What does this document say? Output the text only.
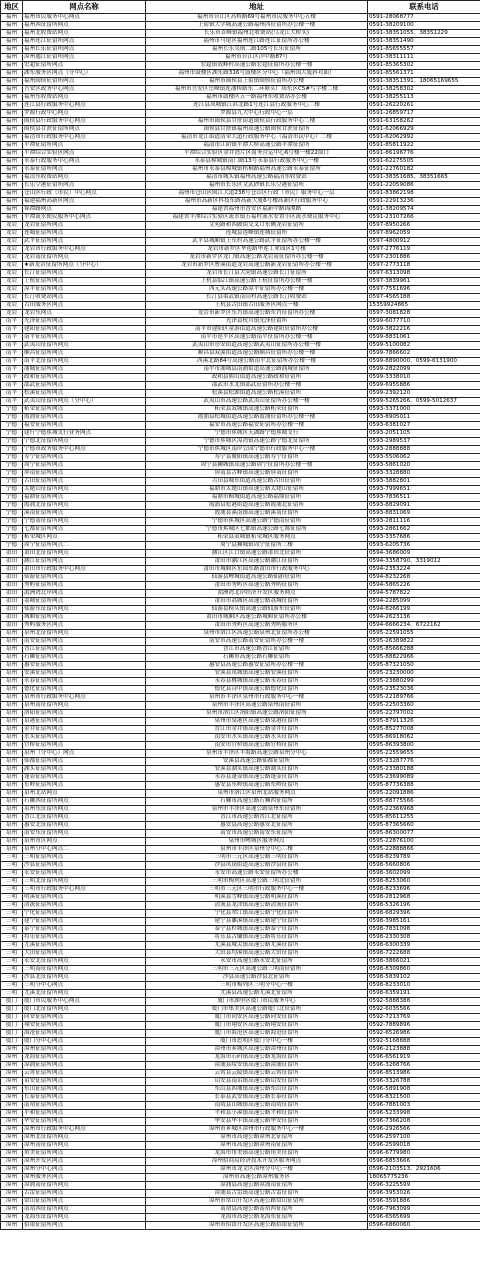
地区	网点名称	地址	联系电话
福州	福州市民服务中心网点	福州市台江区高桥路69号福州市民服务中心五楼	0591-28068777
福州	福州西征留所网点	上街镇大学城高速公路福州西征留所办公楼一楼	0591-38209100
福州	福州北收费站网点	长乐市首峰镇福州北收费站(乌龙江大桥头)	0591-38351055、38351229
福州	福州连江征留所网点	福州市马尾区福州连江路连江征留所办公楼	0591-38351490
福州	福州长乐征留所网点	福州长乐吴航二路105号长乐征留所	0591-85655557
福州	漳州通江征留所网点	福州市台江区洋中路87号	0591-38311111
福州	宏超征留所网点	宏超镇敖峰村高速公路宏超征留所办公楼一楼	0591-85365302
福州	湖东服务区网点（分中心）	福州市鼓楼区湖东路316号鼓楼区分中心（福州国大厦斜对面）	0591-85561371
福州	福州闽侯征留所网点	福州市闽侯县上街镇闽侯征留所办公楼	0591-38351391、18065169655
福州	吾安区政务中心网点	福州市吾安区岳峰镇连潘桥路东二环塘头广场东区C5#写字楼二楼	0591-38258302
福州	福州东收费站网点	福州市鼓楼区五一路福州东收费站办公楼	0591-38255113
福州	连江县行政服务中心网点	连江县凤城镇江滨北路1号连江县行政服务中心二楼	0591-26220261
福州	罗源行政中心网点	罗源县九大中心行政中心一层	0591-26859717
福州	闽侯县行政服务中心网点	福州市闽侯县甘蔗街道闽侯县行政服务中心二楼	0591-63158262
福州	闽侯县甘蔗征留所网点	闽侯县甘蔗镇福州高速公路闽侯甘蔗征留所	0591-62066929
福州	福清市行政服务中心网点	福清市龙江街道清荣大道行政服务中心（福清市民中心）二楼	0591-62062992
福州	平潭征留所网点	福清市江阴镇平潭大桥高速公路平潭征留所	0591-85811922
福州	平潭综合实验区网点	平潭综合实验区金井湾片区商务营运中心6号楼一楼22窗口	0591-86196776
福州	永泰行政服务中心网点	永泰县樟城镇南门路13号永泰县行政服务中心一楼	0591-62275505
福州	永泰征留所网点	福州市永泰县樟城镇梧桐路福州高速公路永泰征留所	0591-22760182
福州	福清东收费站网点	福清市城头镇福州高速公路福清东收费站	0591-38351685、38351665
福州	长乐空港征留所网点	福州市长乐区文武砂镇长乐空港征留所	0591-22059086
福州	仓山区行政（市民）中心网点	福州市仓山区闽江大道238号仓山区行政（市民）服务中心一层	0591-83862198
福州	福建福州高新区网点	福州市高新区科技东路高新大厦6号楼高新区行政服务中心	0591-22913236
福州	锦潭路网点	福建省福州市晋安区福新中路锦潭路	0591-38209574
福州	平潭流水便民服务中心网点	福建省平潭综合实验区流水镇五福村流水安置小区流水便民服务中心	0591-23107266
龙岩	龙岩征留所网点	文苑路和西陂街交叉口东侧龙岩征留所	0597-8950266
龙岩	连城征留所网点	连城县莲峰镇连城征留所	0597-8962059
龙岩	武平征留所网点	武平县城厢镇上东村高速公路武平征留所办公楼一楼	0597-4800912
龙岩	龙岩市行政服务中心网点	龙岩市新罗区华莲路华莲工业园区1号楼	0597-2776119
龙岩	龙岩南征留所网点	龙岩市新罗区龙门镇高速公路龙岩南征留所办公楼一楼	0597-2301886
龙岩	★新龙岩征留所网点（分中心）	龙岩市新罗区曹溪街道龙岩高速公路新龙岩征留所办公楼一楼	0597-2773118
龙岩	长汀征留所网点	龙岩市长汀县大同镇高速公路长汀征留所	0597-6313098
龙岩	上杭征留所网点	上杭县临江镇高速公路上杭征留所办公楼一楼	0597-3839961
龙岩	漳平征留所网点	西元头高速公路漳平征留所办公楼一楼	0597-7551696
龙岩	长汀收费站网点	长汀县策武镇南山村高速公路长汀收费站	0597-4565188
龙岩	古田服务区网点	上杭县古田镇古田服务区网点一楼	15359924865
龙岩	龙岩东网点	龙岩市新罗区东肖镇高速公路东肖征留所办公楼	0597-3081828
南平	光泽征留所网点	光泽县杭川镇光泽征留所	0599-6077710
南平	建阳征留所网点	南平市建阳区童游街道高速公路建阳征留所办公楼	0599-3822216
南平	南平征留所网点	南平市延平区高速公路南平征留所办公楼一楼	0599-8831061
南平	武夷山征留所网点	武夷山市崇安街道高速公路武夷山征留所办公楼一楼	0599-5100082
南平	顺昌征留所网点	顺昌县双溪街道高速公路顺昌征留所办公楼一楼	0599-7866602
南平	南平北征留所网点	西溪北路84号高速公路南平北征留所办公楼一楼	0599-8890000、0599-6131900
南平	浦城征留所网点	南平市浦城县南浦街道高速公路浦城征留所	0599-2822099
南平	政和征留所网点	政和县熊山街道高速公路政和征留所	0599-3338010
南平	邵武征留所网点	邵武市水北镇邵武征留所办公楼一楼	0599-6955886
南平	松溪征留所网点	松溪县松源街道高速公路松溪征留所	0599-2392120
南平	武夷山征留所网点（分中心）	武夷山市高速公路武夷山征留所办公楼一楼	0599-5265266、0599-5012637
宁德	柘荣征留所网点	柘荣县双城镇高速公路柘荣征留所	0593-3371000
宁德	霞浦征留所网点	霞浦县松城街道高速公路霞浦征留所办公楼一楼	0593-8905011
宁德	福安征留所网点	福安市高速公路福安征留所办公楼一楼	0593-6381027
宁德	建行宁德蕉城支行业务网点	宁德市蕉城区天湖路宁德蕉城支行	0593-2051105
宁德	宁德北征留所网点	宁德市蕉城区漳湾镇高速公路宁德北征留所	0593-2989537
宁德	宁德市政务服务中心网点	宁德市蕉城区南岸公园宁德市行政服务中心一楼	0593-2888888
宁德	寿宁征留所网点	寿宁县鳌阳镇高速公路寿宁征留所	0593-5506062
宁德	周宁征留所网点	周宁县狮城镇高速公路周宁征留所办公楼一楼	0593-5861020
宁德	屏南征留所网点	屏南县古峰镇高速公路屏南征留所	0593-3328880
宁德	古田征留所网点	古田县城东街道高速公路古田征留所	0593-3882801
宁德	太姥山征留所网点	福鼎市太姥山镇高速公路太姥山征留所	0593-7999651
宁德	福鼎征留所网点	福鼎市桐城街道高速公路福鼎征留所	0593-7836511
宁德	霞浦北征留所网点	霞浦县松港街道高速公路霞浦北征留所	0593-8829091
宁德	溪南征留所网点	霞浦县溪南镇高速公路溪南征留所	0593-8831069
宁德	宁德南征留所网点	宁德市蕉城区高速公路宁德南征留所	0593-2811116
宁德	七都征留所网点	宁德市蕉城区七都镇高速公路七都征留所	0593-2861662
宁德	柘荣城区网点	柘荣县双城镇柘荣城区服务网点	0593-3357686
宁德	周宁征留所网点二	周宁县狮城镇周宁征留所二楼	0593-6205736
莆田	莆田北征留所网点	涵江区江口镇高速公路莆田北征留所	0594-3686009
莆田	涵江征留所网点	莆田市涵江区高速公路涵江征留所	0594-3358790、3319012
莆田	莆田市行政服务中心网点	莆田市城厢区东园东路莆田市行政服务中心	0594-2353224
莆田	仙游征留所网点	仙游县鲤城街道高速公路仙游征留所	0594-8232268
莆田	秀屿征留所网点	莆田市秀屿区高速公路秀屿征留所	0594-5865226
莆田	湄洲湾北岸网点	湄洲湾北岸经济开发区服务网点	0594-5787822
莆田	荔城征留所网点	莆田市荔城区高速公路荔城征留所	0594-2285099
莆田	仙游东征留所网点	仙游县榜头镇高速公路仙游东征留所	0594-8266199
莆田	城厢征留所网点	莆田市城厢区高速公路城厢征留所办公楼	0594-2623136
莆田	秀屿服务区网点	莆田市秀屿区高速公路秀屿服务区	0594-6666234、6722162
泉州	泉州北征留所网点	泉州市洛江区高速公路泉州北征留所办公楼	0595-22591055
泉州	南安征留所网点	南安市高速公路南安征留所办公楼一楼	0595-26389822
泉州	晋江征留所网点	晋江市高速公路晋江征留所	0595-85666288
泉州	石狮征留所网点	石狮市高速公路石狮征留所	0595-88822966
泉州	惠安征留所网点	惠安县高速公路惠安征留所办公楼一楼	0595-87321050
泉州	安溪征留所网点	安溪县凤城镇高速公路安溪征留所	0595-23230000
泉州	永春征留所网点	永春县桃城镇高速公路永春征留所	0595-23880299
泉州	德化征留所网点	德化县浔中镇高速公路德化征留所	0595-23523036
泉州	泉州市行政服务中心网点	泉州市丰泽区泉州市行政服务中心一楼	0595-22189766
泉州	泉州南征留所网点	泉州市丰泽区高速公路泉州南征留所	0595-22503360
泉州	洛阳征留所网点	泉州市洛江区洛阳镇高速公路洛阳征留所	0595-22797002
泉州	泉港征留所网点	泉州市泉港区高速公路泉港征留所	0595-87911326
泉州	金井征留所网点	晋江市金井镇高速公路金井征留所	0595-85277008
泉州	水头征留所网点	南安市水头镇高速公路水头征留所	0595-86918062
泉州	官桥征留所网点	南安市官桥镇高速公路官桥征留所	0595-86393800
泉州	泉州（分中心）网点	泉州市丰泽区丰海路高速公路泉州分中心	0595-22559655
泉州	仙都征留所网点	安溪县高速公路仙都征留所	0595-23287776
泉州	湖头征留所网点	安溪县湖头镇高速公路湖头征留所	0595-23380188
泉州	蓬壶征留所网点	永春县蓬壶镇高速公路蓬壶征留所	0595-23699089
泉州	东岭征留所网点	惠安县东岭镇高速公路东岭征留所	0595-87736388
泉州	泉州北站网点	泉州市洛江区泉州北站服务网点	0595-22091886
泉州	石狮西征留所网点	石狮市高速公路石狮西征留所	0595-88775566
泉州	泉州东征留所网点	泉州市丰泽区高速公路泉州东征留所	0595-22366968
泉州	晋江北征留所网点	晋江市高速公路晋江北征留所	0595-85611255
泉州	惠安北征留所网点	惠安县高速公路惠安北征留所	0595-87365660
泉州	南安东征留所网点	南安市高速公路南安东征留所	0595-86300077
泉州	泉州市区网点	泉州市鲤城区服务网点	0595-22876100
泉州	泉州分中心网点二	泉州市丰泽区泉州分中心二楼	0595-22888866
三明	三明征留所网点	三明市三元区高速公路三明征留所	0598-8239789
三明	沙县征留所网点	沙县凤岗街道高速公路沙县征留所	0598-5660806
三明	永安征留所网点	永安市高速公路永安征留所办公楼	0598-3602099
三明	三明北征留所网点	三明市梅列区高速公路三明北征留所	0598-8253060
三明	三明市行政服务中心网点	三明市三元区三明市行政服务中心一楼	0598-8233696
三明	明溪征留所网点	明溪县雪峰镇高速公路明溪征留所	0598-2812968
三明	清流征留所网点	清流县龙津镇高速公路清流征留所	0598-5326196
三明	宁化征留所网点	宁化县翠江镇高速公路宁化征留所	0598-6829396
三明	建宁征留所网点	建宁县濉溪镇高速公路建宁征留所	0598-3985161
三明	泰宁征留所网点	泰宁县杉城镇高速公路泰宁征留所	0598-7831098
三明	将乐征留所网点	将乐县古镛镇高速公路将乐征留所	0598-2330308
三明	尤溪征留所网点	尤溪县城关镇高速公路尤溪征留所	0598-6300339
三明	大田征留所网点	大田县均溪镇高速公路大田征留所	0598-7222688
三明	永安北征留所网点	永安市高速公路永安北征留所	0598-3866021
三明	三明南征留所网点	三明市三元区高速公路三明南征留所	0598-8309860
三明	沙县北征留所网点	沙县高速公路沙县北征留所	0598-5839102
三明	三明分中心网点	三明市梅列区三明分中心一楼	0598-8233010
三明	尤溪北征留所网点	尤溪县高速公路尤溪北征留所	0598-6359191
厦门	厦门市民服务中心网点	厦门市湖里区厦门市民服务中心	0592-5888388
厦门	厦门北征留所网点	厦门市集美区高速公路厦门北征留所	0592-6035566
厦门	同安征留所网点	厦门市同安区高速公路同安征留所	0592-7213769
厦门	翔安征留所网点	厦门市翔安区高速公路翔安征留所	0592-7889896
厦门	海沧征留所网点	厦门市海沧区高速公路海沧征留所	0592-6526986
厦门	厦门分中心网点	厦门市思明区厦门分中心一楼	0592-5168888
漳州	漳州征留所网点	漳州市芗城区高速公路漳州征留所	0596-2123888
漳州	龙海征留所网点	龙海市石码镇高速公路龙海征留所	0596-6561919
漳州	漳浦征留所网点	漳浦县绥安镇高速公路漳浦征留所	0596-3268766
漳州	云霄征留所网点	云霄县云陵镇高速公路云霄征留所	0596-8513986
漳州	诏安征留所网点	诏安县南诏镇高速公路诏安征留所	0596-3326788
漳州	东山征留所网点	东山县西埔镇高速公路东山征留所	0596-5891908
漳州	长泰征留所网点	长泰县武安镇高速公路长泰征留所	0596-8321500
漳州	南靖征留所网点	南靖县山城镇高速公路南靖征留所	0596-7881003
漳州	平和征留所网点	平和县小溪镇高速公路平和征留所	0596-5233998
漳州	华安征留所网点	华安县华丰镇高速公路华安征留所	0596-7366208
漳州	漳州市行政服务中心网点	漳州市芗城区漳州市行政服务中心一楼	0596-2926566
漳州	漳州北征留所网点	漳州市高速公路漳州北征留所	0596-2597100
漳州	漳州南征留所网点	漳州市高速公路漳州南征留所	0596-2599018
漳州	角美征留所网点	龙海市角美镇高速公路角美征留所	0596-6779980
漳州	漳州开发区网点	漳州招商局经济技术开发区服务网点	0596-6853666
漳州	漳州分中心网点	漳州市龙文区漳州分中心一楼	0596-2103513、2921606
漳州	漳州服务区网点	漳州市高速公路漳州服务区	18065775236
漳州	漳浦南征留所网点	漳浦县高速公路漳浦南征留所	0596-3225599
漳州	古雷征留所网点	漳浦县古雷镇高速公路古雷征留所	0596-3953026
漳州	常山征留所网点	漳州市常山开发区高速公路常山征留所	0596-3591886
漳州	南靖西征留所网点	南靖县高速公路南靖西征留所	0596-7963099
漳州	龙海东征留所网点	龙海市高速公路龙海东征留所	0596-6565699
漳州	招银征留所网点	漳州市招银开发区高速公路招银征留所	0596-6860060
